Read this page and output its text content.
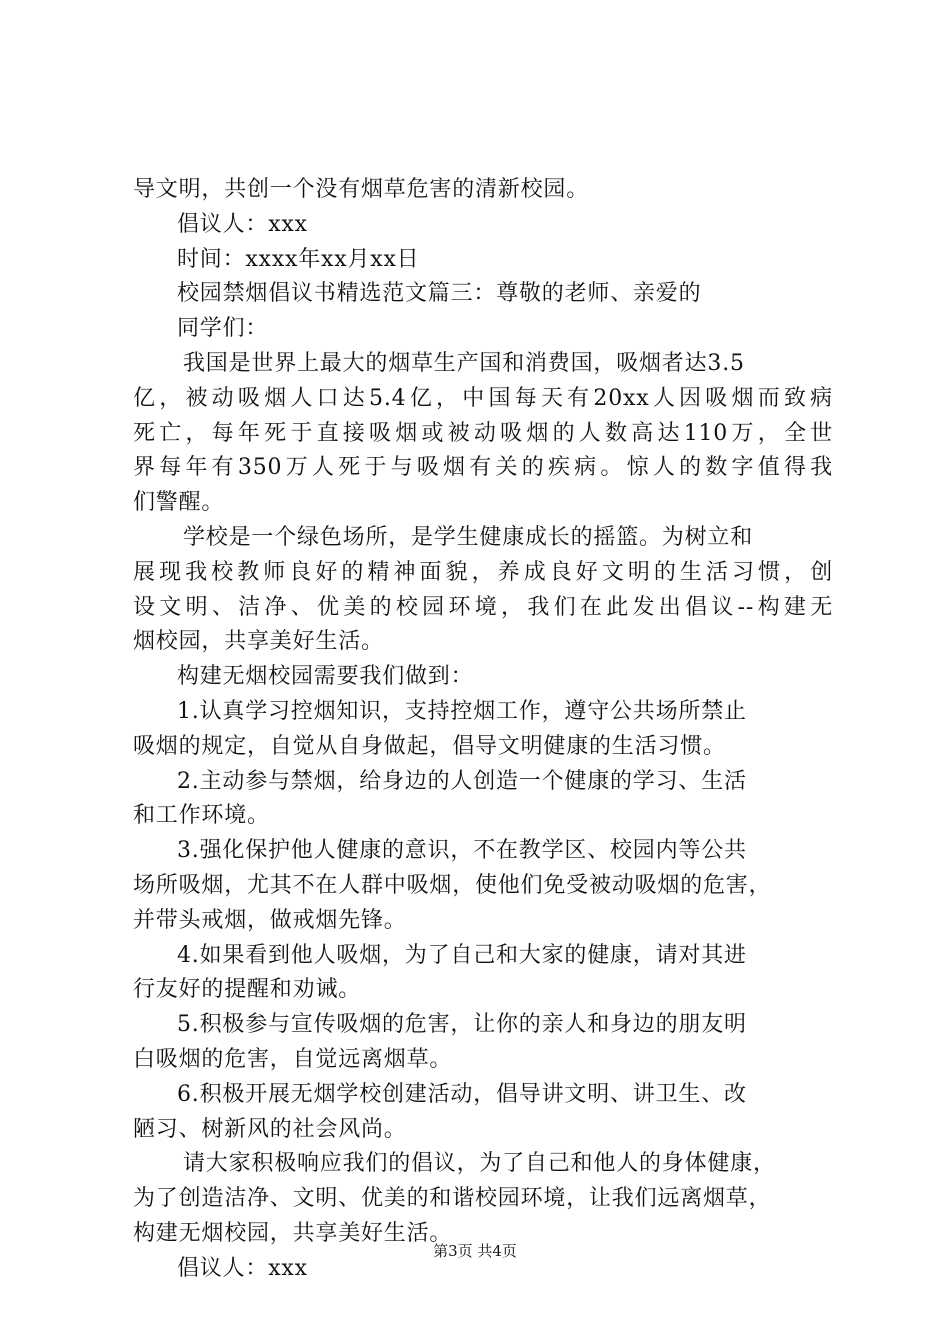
导文明，共创一个没有烟草危害的清新校园。
倡议人：xxx
时间：xxxx年xx月xx日
校园禁烟倡议书精选范文篇三：尊敬的老师、亲爱的
同学们：
我国是世界上最大的烟草生产国和消费国，吸烟者达3.5
亿，被动吸烟人口达5.4亿，中国每天有20xx人因吸烟而致病
死亡，每年死于直接吸烟或被动吸烟的人数高达110万，全世
界每年有350万人死于与吸烟有关的疾病。惊人的数字值得我
们警醒。
学校是一个绿色场所，是学生健康成长的摇篮。为树立和
展现我校教师良好的精神面貌，养成良好文明的生活习惯，创
设文明、洁净、优美的校园环境，我们在此发出倡议--构建无
烟校园，共享美好生活。
构建无烟校园需要我们做到：
1.认真学习控烟知识，支持控烟工作，遵守公共场所禁止
吸烟的规定，自觉从自身做起，倡导文明健康的生活习惯。
2.主动参与禁烟，给身边的人创造一个健康的学习、生活
和工作环境。
3.强化保护他人健康的意识，不在教学区、校园内等公共
场所吸烟，尤其不在人群中吸烟，使他们免受被动吸烟的危害，
并带头戒烟，做戒烟先锋。
4.如果看到他人吸烟，为了自己和大家的健康，请对其进
行友好的提醒和劝诫。
5.积极参与宣传吸烟的危害，让你的亲人和身边的朋友明
白吸烟的危害，自觉远离烟草。
6.积极开展无烟学校创建活动，倡导讲文明、讲卫生、改
陋习、树新风的社会风尚。
请大家积极响应我们的倡议，为了自己和他人的身体健康，
为了创造洁净、文明、优美的和谐校园环境，让我们远离烟草，
构建无烟校园，共享美好生活。
倡议人：xxx
第3页 共4页
